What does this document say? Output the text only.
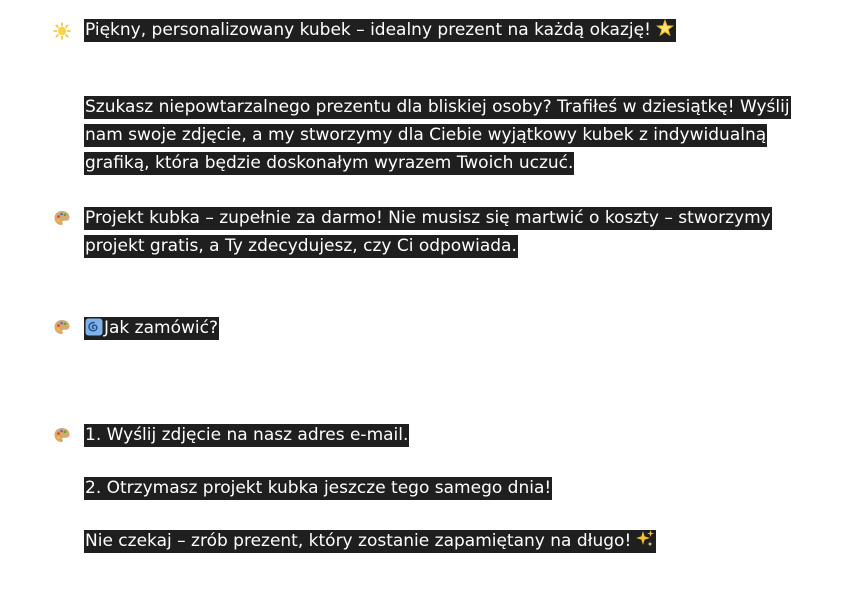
Piękny, personalizowany kubek – idealny prezent na każdą okazję!
Szukasz niepowtarzalnego prezentu dla bliskiej osoby? Trafiłeś w dziesiątkę! Wyślij
nam swoje zdjęcie, a my stworzymy dla Ciebie wyjątkowy kubek z indywidualną
grafiką, która będzie doskonałym wyrazem Twoich uczuć.
Projekt kubka – zupełnie za darmo! Nie musisz się martwić o koszty – stworzymy
projekt gratis, a Ty zdecydujesz, czy Ci odpowiada.
Jak zamówić?
1. Wyślij zdjęcie na nasz adres e-mail.
2. Otrzymasz projekt kubka jeszcze tego samego dnia!
Nie czekaj – zrób prezent, który zostanie zapamiętany na długo!
